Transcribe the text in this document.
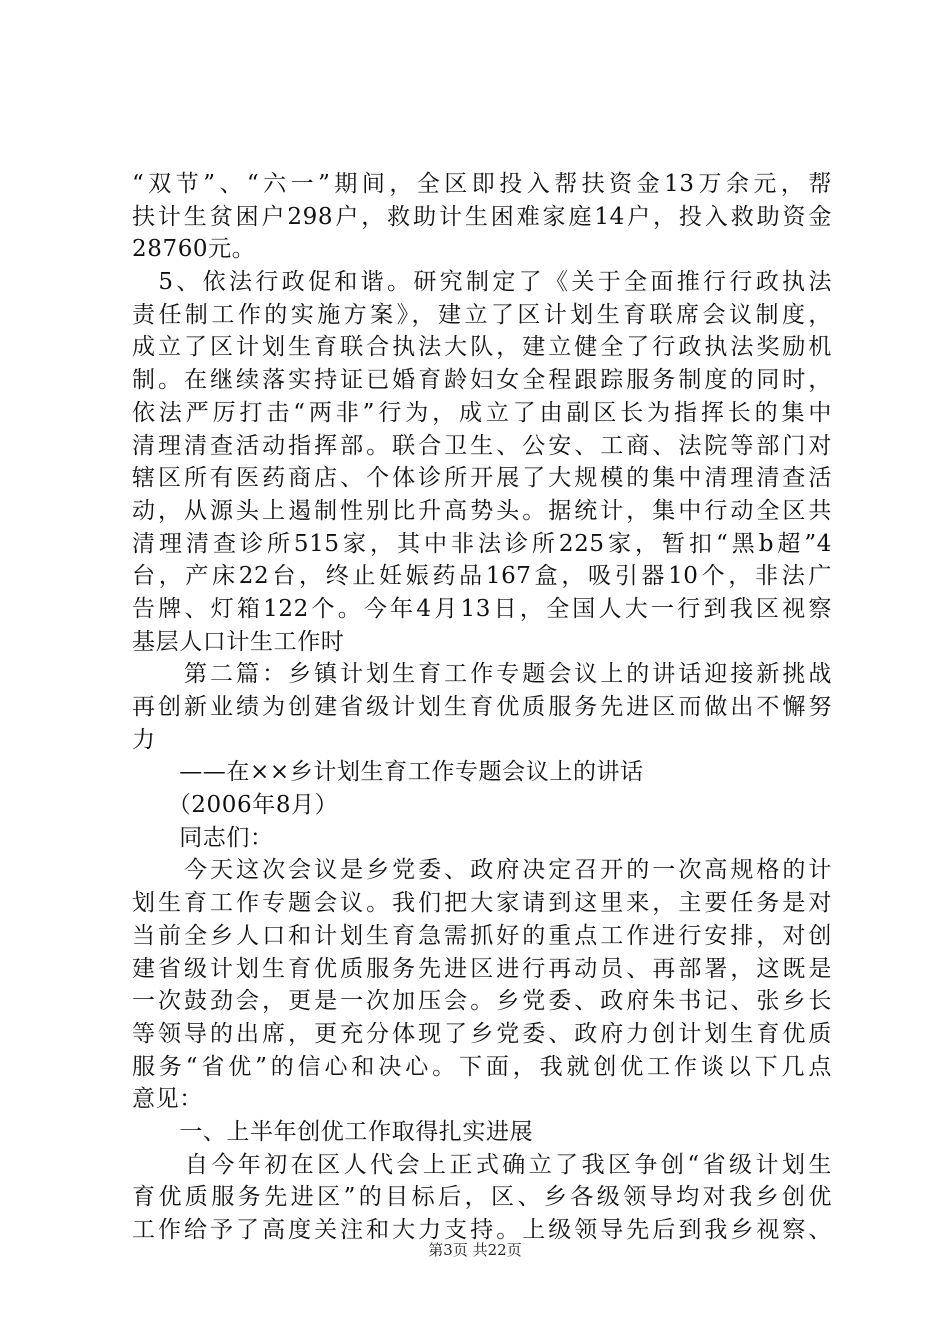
“双节”、“六一”期间，全区即投入帮扶资金13万余元，帮
扶计生贫困户298户，救助计生困难家庭14户，投入救助资金
28760元。
　5、依法行政促和谐。研究制定了《关于全面推行行政执法
责任制工作的实施方案》，建立了区计划生育联席会议制度，
成立了区计划生育联合执法大队，建立健全了行政执法奖励机
制。在继续落实持证已婚育龄妇女全程跟踪服务制度的同时，
依法严厉打击“两非”行为，成立了由副区长为指挥长的集中
清理清查活动指挥部。联合卫生、公安、工商、法院等部门对
辖区所有医药商店、个体诊所开展了大规模的集中清理清查活
动，从源头上遏制性别比升高势头。据统计，集中行动全区共
清理清查诊所515家，其中非法诊所225家，暂扣“黑b超”4
台，产床22台，终止妊娠药品167盒，吸引器10个，非法广
告牌、灯箱122个。今年4月13日，全国人大一行到我区视察
基层人口计生工作时
　　第二篇：乡镇计划生育工作专题会议上的讲话迎接新挑战
再创新业绩为创建省级计划生育优质服务先进区而做出不懈努
力
　　——在××乡计划生育工作专题会议上的讲话
　　（2006年8月）
　　同志们：
　　今天这次会议是乡党委、政府决定召开的一次高规格的计
划生育工作专题会议。我们把大家请到这里来，主要任务是对
当前全乡人口和计划生育急需抓好的重点工作进行安排，对创
建省级计划生育优质服务先进区进行再动员、再部署，这既是
一次鼓劲会，更是一次加压会。乡党委、政府朱书记、张乡长
等领导的出席，更充分体现了乡党委、政府力创计划生育优质
服务“省优”的信心和决心。下面，我就创优工作谈以下几点
意见：
　　一、上半年创优工作取得扎实进展
　　自今年初在区人代会上正式确立了我区争创“省级计划生
育优质服务先进区”的目标后，区、乡各级领导均对我乡创优
工作给予了高度关注和大力支持。上级领导先后到我乡视察、
第3页 共22页
